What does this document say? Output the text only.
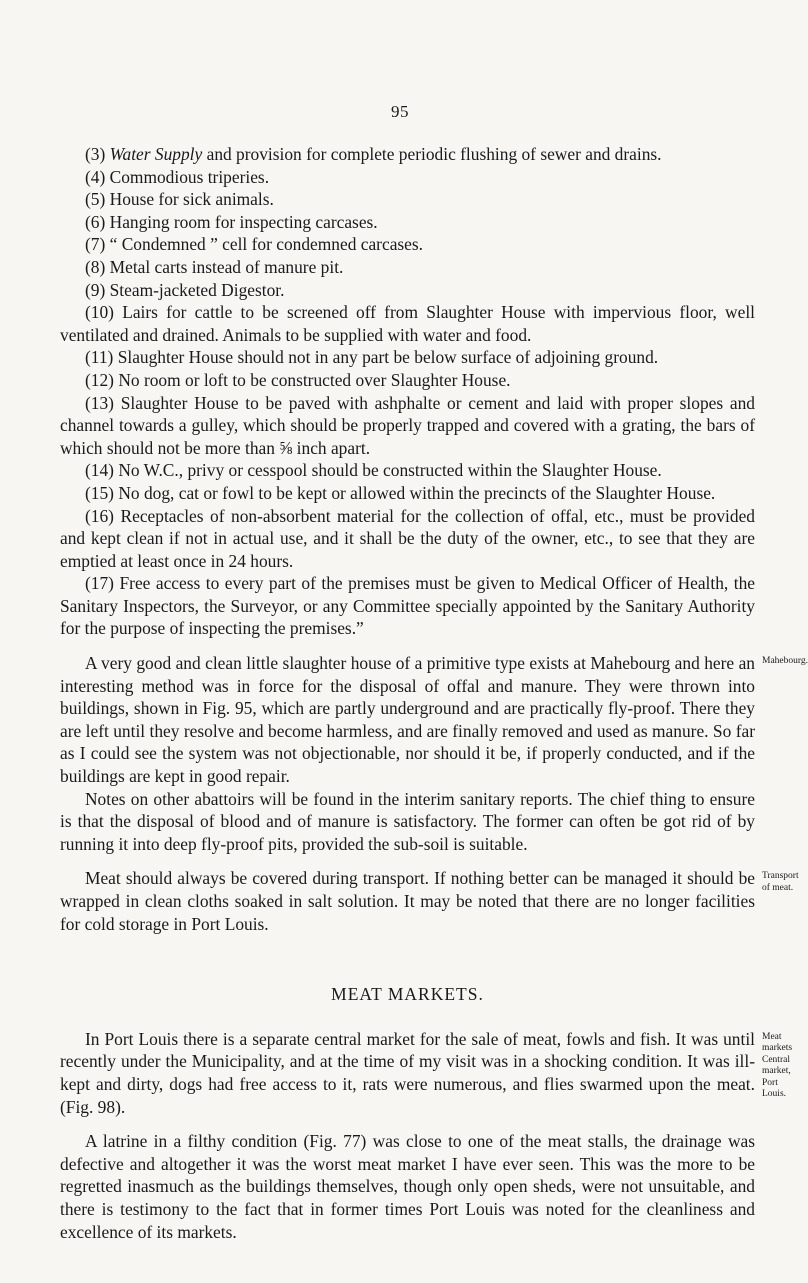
95

(3) Water Supply and provision for complete periodic flushing of sewer and drains.

(4) Commodious triperies.

(5) House for sick animals.

(6) Hanging room for inspecting carcases.

(7) “ Condemned ” cell for condemned carcases.

(8) Metal carts instead of manure pit.

(9) Steam-jacketed Digestor.

(10) Lairs for cattle to be screened off from Slaughter House with impervious floor, well ventilated and drained. Animals to be supplied with water and food.

(11) Slaughter House should not in any part be below surface of adjoining ground.

(12) No room or loft to be constructed over Slaughter House.

(13) Slaughter House to be paved with ashphalte or cement and laid with proper slopes and channel towards a gulley, which should be properly trapped and covered with a grating, the bars of which should not be more than ⅝ inch apart.

(14) No W.C., privy or cesspool should be constructed within the Slaughter House.

(15) No dog, cat or fowl to be kept or allowed within the precincts of the Slaughter House.

(16) Receptacles of non-absorbent material for the collection of offal, etc., must be provided and kept clean if not in actual use, and it shall be the duty of the owner, etc., to see that they are emptied at least once in 24 hours.

(17) Free access to every part of the premises must be given to Medical Officer of Health, the Sanitary Inspectors, the Surveyor, or any Committee specially appointed by the Sanitary Authority for the purpose of inspecting the premises.”

A very good and clean little slaughter house of a primitive type exists at Mahebourg and here an interesting method was in force for the disposal of offal and manure. They were thrown into buildings, shown in Fig. 95, which are partly underground and are practically fly-proof. There they are left until they resolve and become harmless, and are finally removed and used as manure. So far as I could see the system was not objectionable, nor should it be, if properly conducted, and if the buildings are kept in good repair.

Notes on other abattoirs will be found in the interim sanitary reports. The chief thing to ensure is that the disposal of blood and of manure is satisfactory. The former can often be got rid of by running it into deep fly-proof pits, provided the sub-soil is suitable.

Meat should always be covered during transport. If nothing better can be managed it should be wrapped in clean cloths soaked in salt solution. It may be noted that there are no longer facilities for cold storage in Port Louis.

MEAT MARKETS.

In Port Louis there is a separate central market for the sale of meat, fowls and fish. It was until recently under the Municipality, and at the time of my visit was in a shocking condition. It was ill-kept and dirty, dogs had free access to it, rats were numerous, and flies swarmed upon the meat. (Fig. 98).

A latrine in a filthy condition (Fig. 77) was close to one of the meat stalls, the drainage was defective and altogether it was the worst meat market I have ever seen. This was the more to be regretted inasmuch as the buildings themselves, though only open sheds, were not unsuitable, and there is testimony to the fact that in former times Port Louis was noted for the cleanliness and excellence of its markets.

Mahebourg.
Transport of meat.
Meat markets
Central market, Port Louis.
